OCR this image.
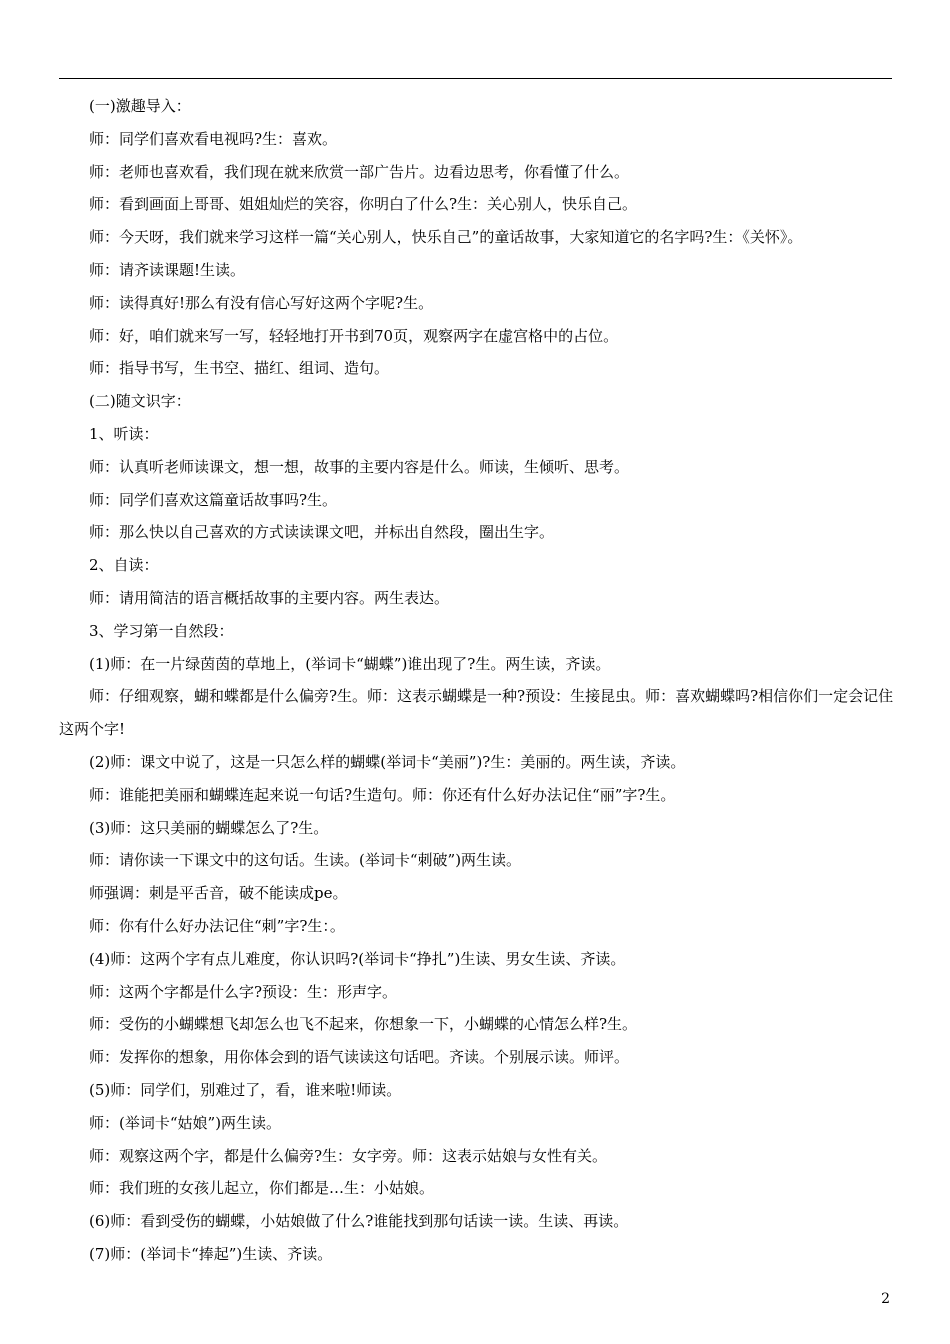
(一)激趣导入：
师：同学们喜欢看电视吗?生：喜欢。
师：老师也喜欢看，我们现在就来欣赏一部广告片。边看边思考，你看懂了什么。
师：看到画面上哥哥、姐姐灿烂的笑容，你明白了什么?生：关心别人，快乐自己。
师：今天呀，我们就来学习这样一篇“关心别人，快乐自己”的童话故事，大家知道它的名字吗?生：《关怀》。
师：请齐读课题!生读。
师：读得真好!那么有没有信心写好这两个字呢?生。
师：好，咱们就来写一写，轻轻地打开书到70页，观察两字在虚宫格中的占位。
师：指导书写，生书空、描红、组词、造句。
(二)随文识字：
1、听读：
师：认真听老师读课文，想一想，故事的主要内容是什么。师读，生倾听、思考。
师：同学们喜欢这篇童话故事吗?生。
师：那么快以自己喜欢的方式读读课文吧，并标出自然段，圈出生字。
2、自读：
师：请用简洁的语言概括故事的主要内容。两生表达。
3、学习第一自然段：
(1)师：在一片绿茵茵的草地上，(举词卡“蝴蝶”)谁出现了?生。两生读，齐读。
师：仔细观察，蝴和蝶都是什么偏旁?生。师：这表示蝴蝶是一种?预设：生接昆虫。师：喜欢蝴蝶吗?相信你们一定会记住这两个字!
(2)师：课文中说了，这是一只怎么样的蝴蝶(举词卡“美丽”)?生：美丽的。两生读，齐读。
师：谁能把美丽和蝴蝶连起来说一句话?生造句。师：你还有什么好办法记住“丽”字?生。
(3)师：这只美丽的蝴蝶怎么了?生。
师：请你读一下课文中的这句话。生读。(举词卡“刺破”)两生读。
师强调：刺是平舌音，破不能读成pe。
师：你有什么好办法记住“刺”字?生：。
(4)师：这两个字有点儿难度，你认识吗?(举词卡“挣扎”)生读、男女生读、齐读。
师：这两个字都是什么字?预设：生：形声字。
师：受伤的小蝴蝶想飞却怎么也飞不起来，你想象一下，小蝴蝶的心情怎么样?生。
师：发挥你的想象，用你体会到的语气读读这句话吧。齐读。个别展示读。师评。
(5)师：同学们，别难过了，看，谁来啦!师读。
师：(举词卡“姑娘”)两生读。
师：观察这两个字，都是什么偏旁?生：女字旁。师：这表示姑娘与女性有关。
师：我们班的女孩儿起立，你们都是…生：小姑娘。
(6)师：看到受伤的蝴蝶，小姑娘做了什么?谁能找到那句话读一读。生读、再读。
(7)师：(举词卡“捧起”)生读、齐读。
2
